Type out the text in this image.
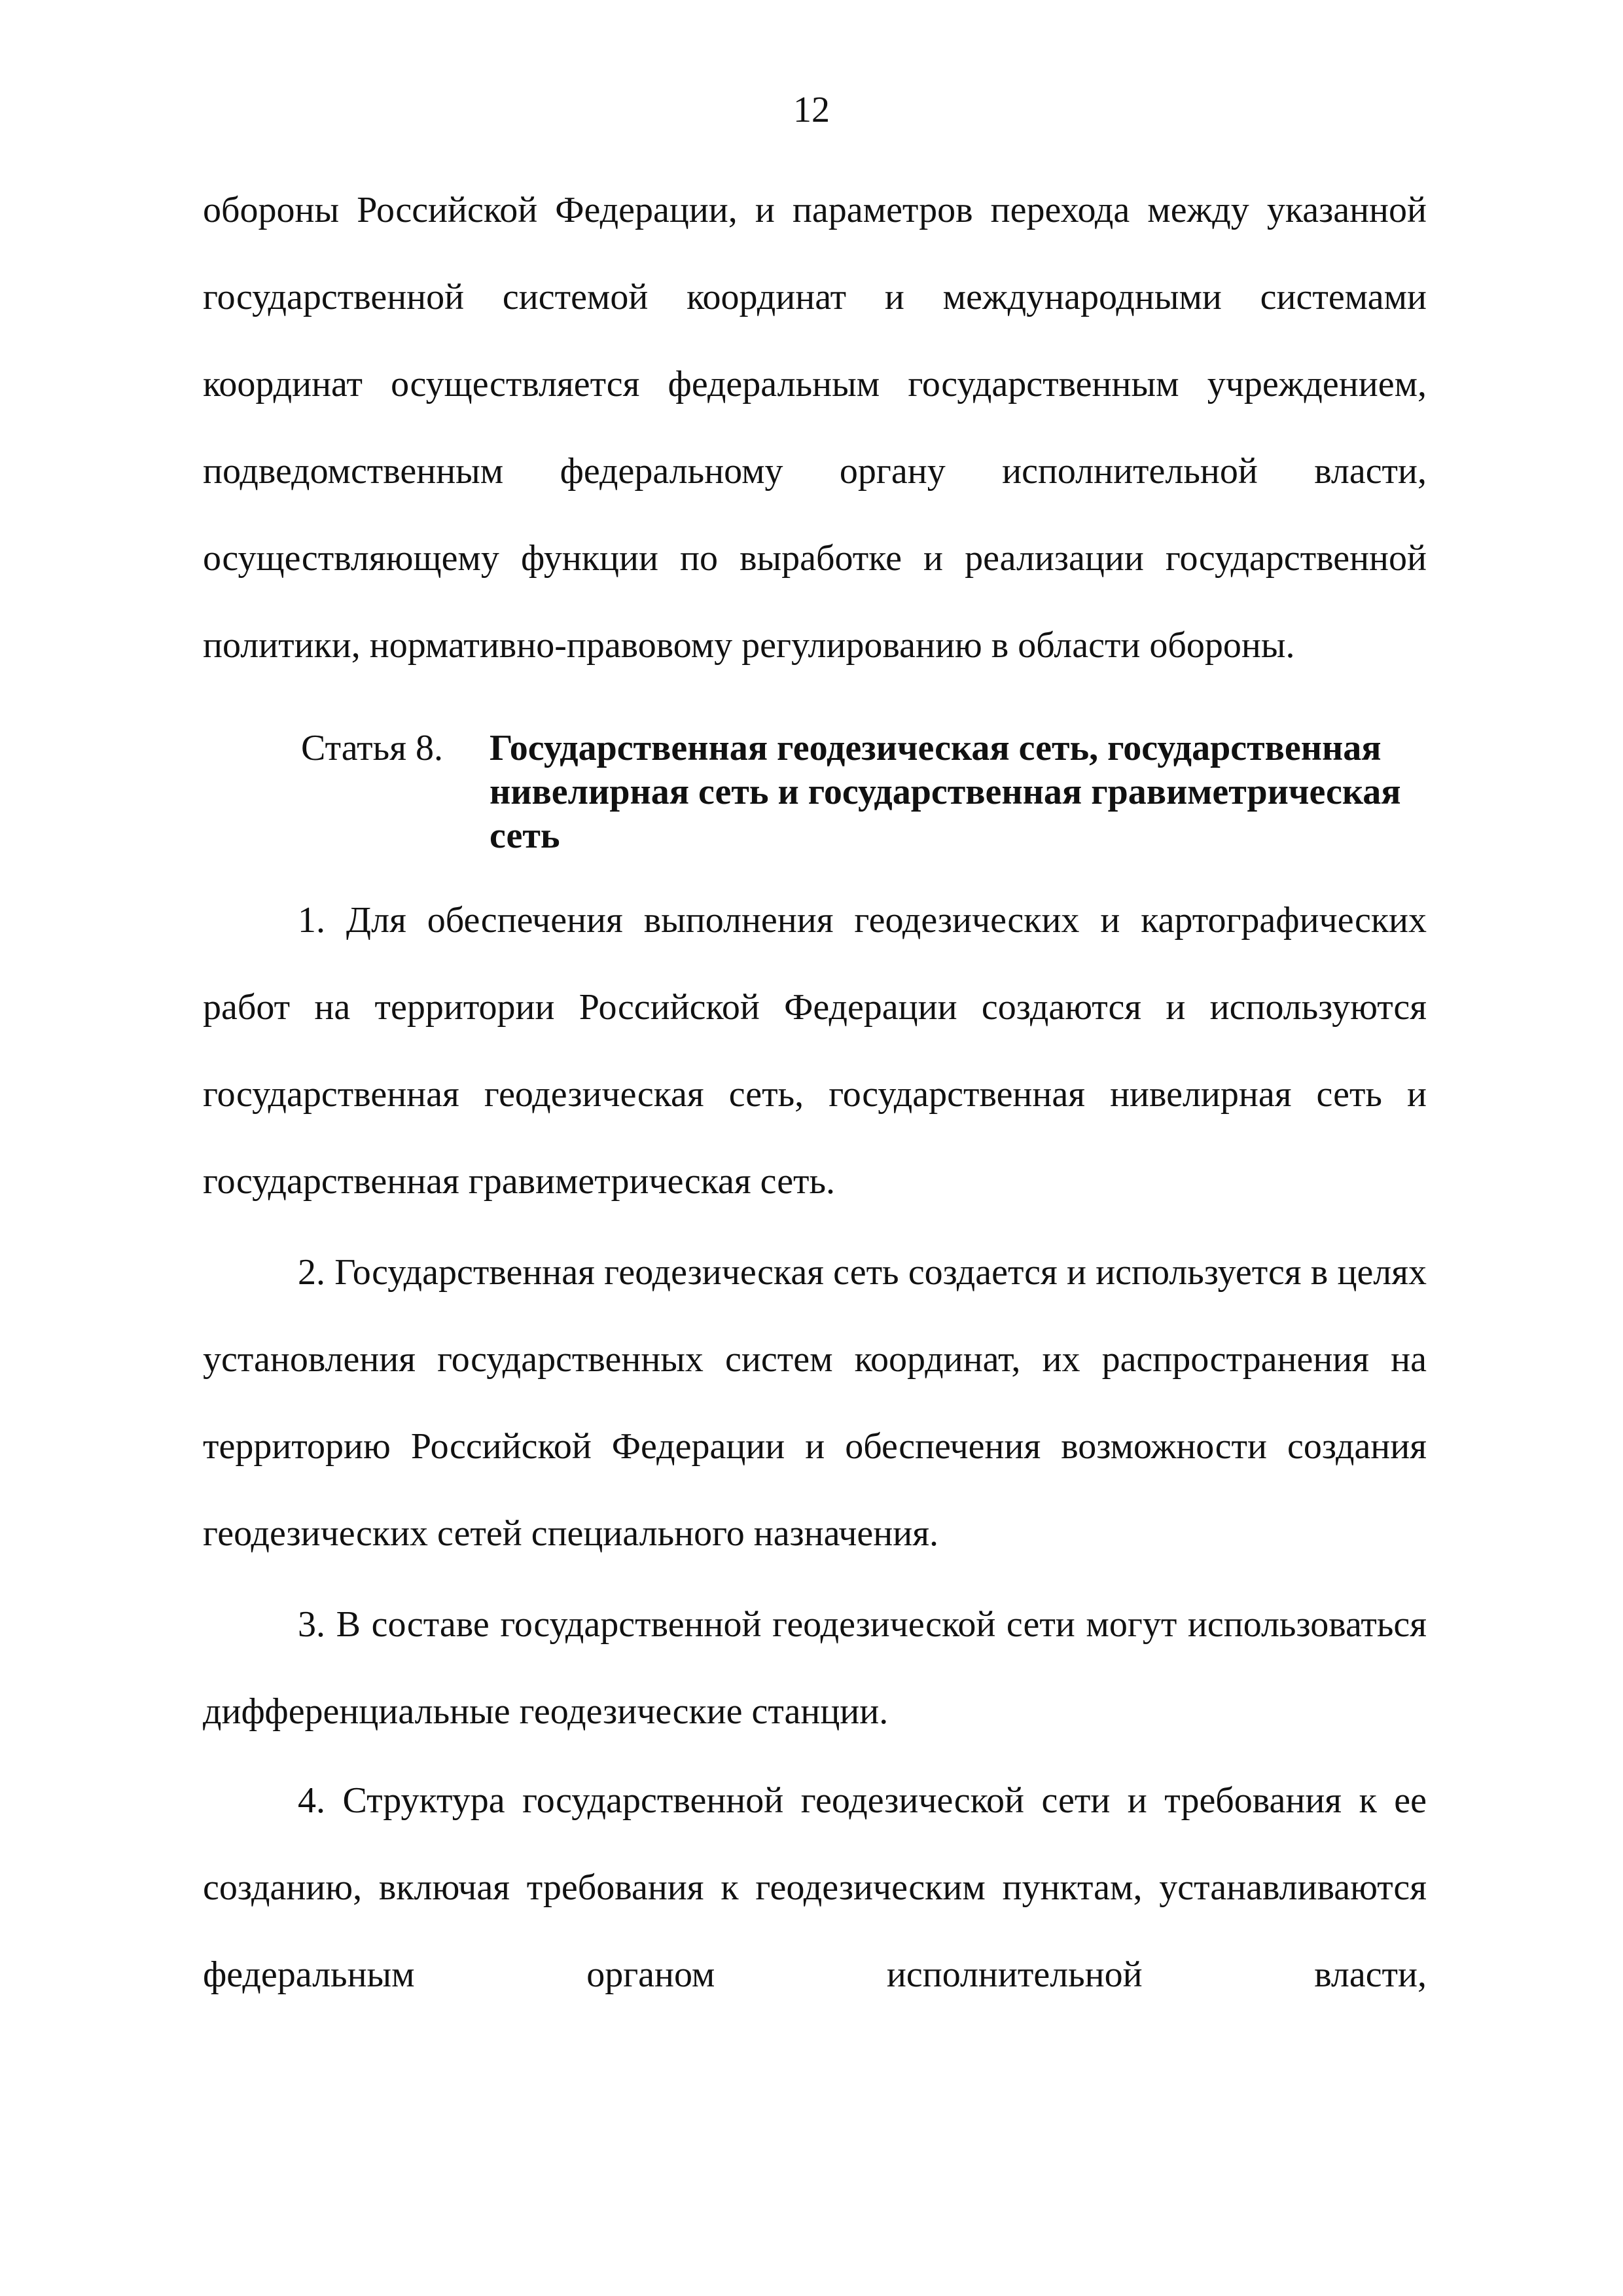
12

обороны Российской Федерации, и параметров перехода между указанной государственной системой координат и международными системами координат осуществляется федеральным государственным учреждением, подведомственным федеральному органу исполнительной власти, осуществляющему функции по выработке и реализации государственной политики, нормативно-правовому регулированию в области обороны.

Статья 8. Государственная геодезическая сеть, государственная нивелирная сеть и государственная гравиметрическая сеть

1. Для обеспечения выполнения геодезических и картографических работ на территории Российской Федерации создаются и используются государственная геодезическая сеть, государственная нивелирная сеть и государственная гравиметрическая сеть.

2. Государственная геодезическая сеть создается и используется в целях установления государственных систем координат, их распространения на территорию Российской Федерации и обеспечения возможности создания геодезических сетей специального назначения.

3. В составе государственной геодезической сети могут использоваться дифференциальные геодезические станции.

4. Структура государственной геодезической сети и требования к ее созданию, включая требования к геодезическим пунктам, устанавливаются федеральным органом исполнительной власти,
